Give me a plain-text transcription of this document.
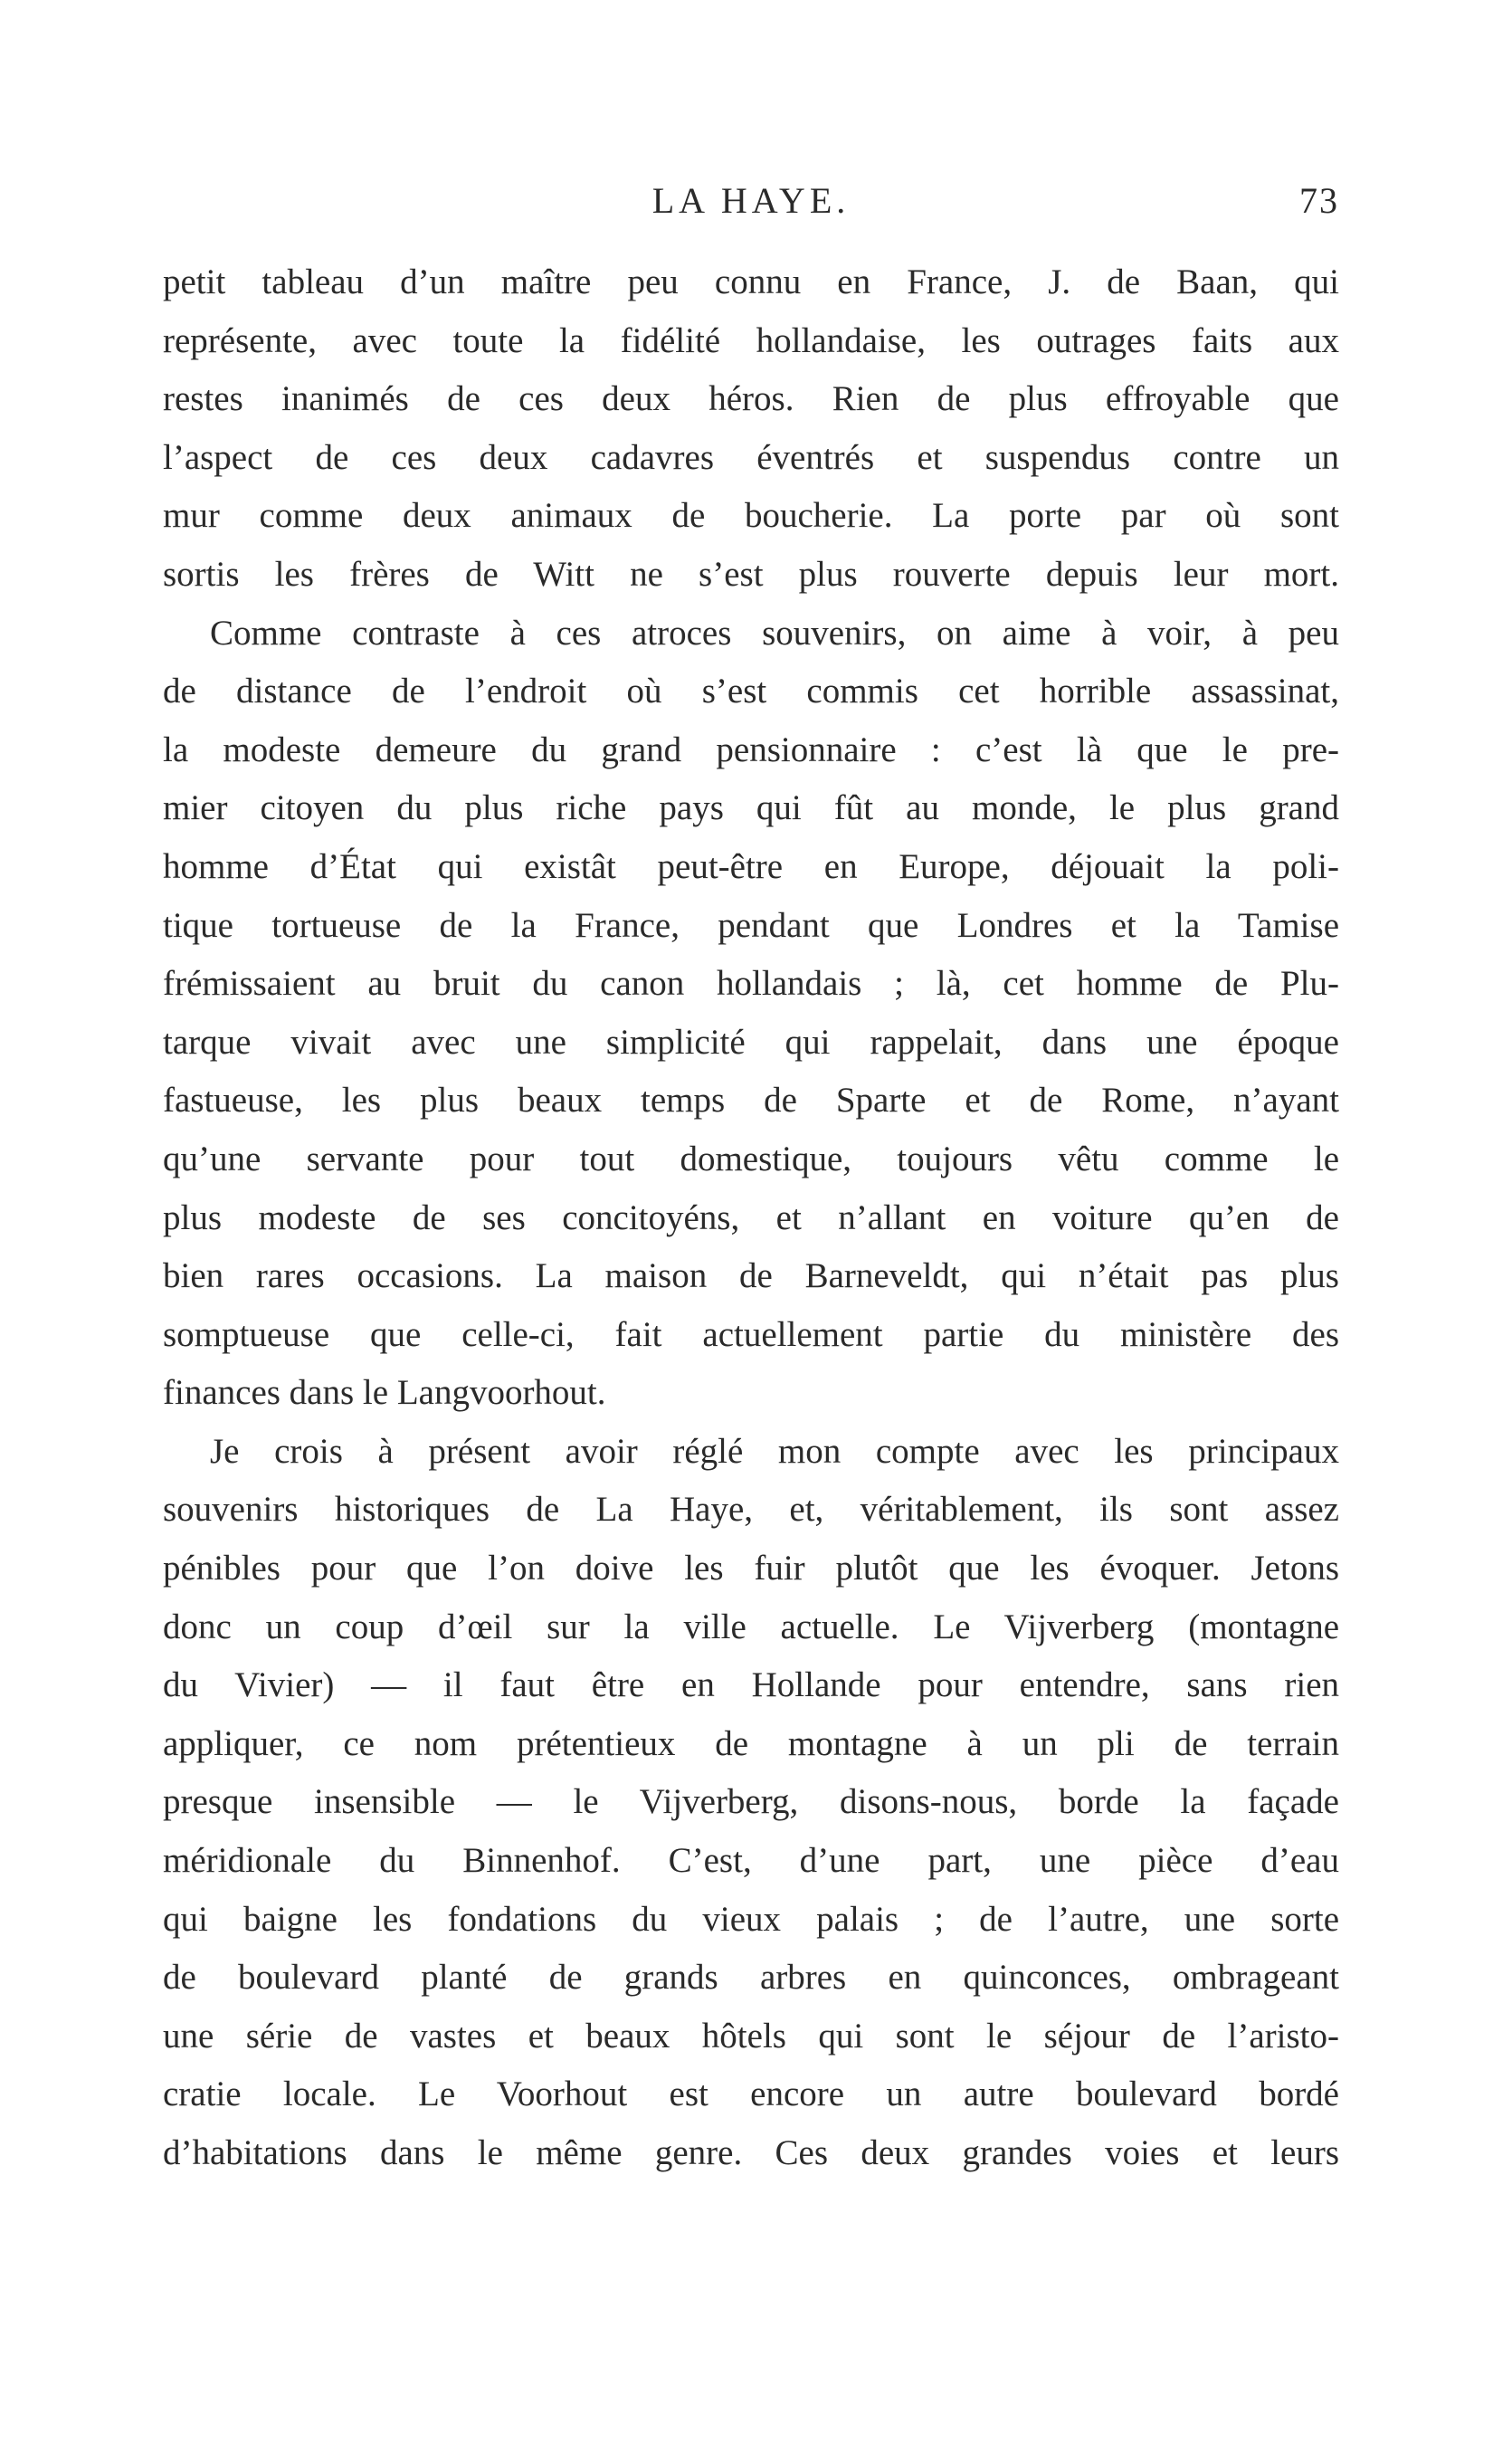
LA HAYE.	73
petit tableau d’un maître peu connu en France, J. de Baan, qui
représente, avec toute la fidélité hollandaise, les outrages faits aux
restes inanimés de ces deux héros. Rien de plus effroyable que
l’aspect de ces deux cadavres éventrés et suspendus contre un
mur comme deux animaux de boucherie. La porte par où sont
sortis les frères de Witt ne s’est plus rouverte depuis leur mort.
Comme contraste à ces atroces souvenirs, on aime à voir, à peu
de distance de l’endroit où s’est commis cet horrible assassinat,
la modeste demeure du grand pensionnaire : c’est là que le pre-
mier citoyen du plus riche pays qui fût au monde, le plus grand
homme d’État qui existât peut-être en Europe, déjouait la poli-
tique tortueuse de la France, pendant que Londres et la Tamise
frémissaient au bruit du canon hollandais ; là, cet homme de Plu-
tarque vivait avec une simplicité qui rappelait, dans une époque
fastueuse, les plus beaux temps de Sparte et de Rome, n’ayant
qu’une servante pour tout domestique, toujours vêtu comme le
plus modeste de ses concitoyéns, et n’allant en voiture qu’en de
bien rares occasions. La maison de Barneveldt, qui n’était pas plus
somptueuse que celle-ci, fait actuellement partie du ministère des
finances dans le Langvoorhout.
Je crois à présent avoir réglé mon compte avec les principaux
souvenirs historiques de La Haye, et, véritablement, ils sont assez
pénibles pour que l’on doive les fuir plutôt que les évoquer. Jetons
donc un coup d’œil sur la ville actuelle. Le Vijverberg (montagne
du Vivier) — il faut être en Hollande pour entendre, sans rien
appliquer, ce nom prétentieux de montagne à un pli de terrain
presque insensible — le Vijverberg, disons-nous, borde la façade
méridionale du Binnenhof. C’est, d’une part, une pièce d’eau
qui baigne les fondations du vieux palais ; de l’autre, une sorte
de boulevard planté de grands arbres en quinconces, ombrageant
une série de vastes et beaux hôtels qui sont le séjour de l’aristo-
cratie locale. Le Voorhout est encore un autre boulevard bordé
d’habitations dans le même genre. Ces deux grandes voies et leurs
